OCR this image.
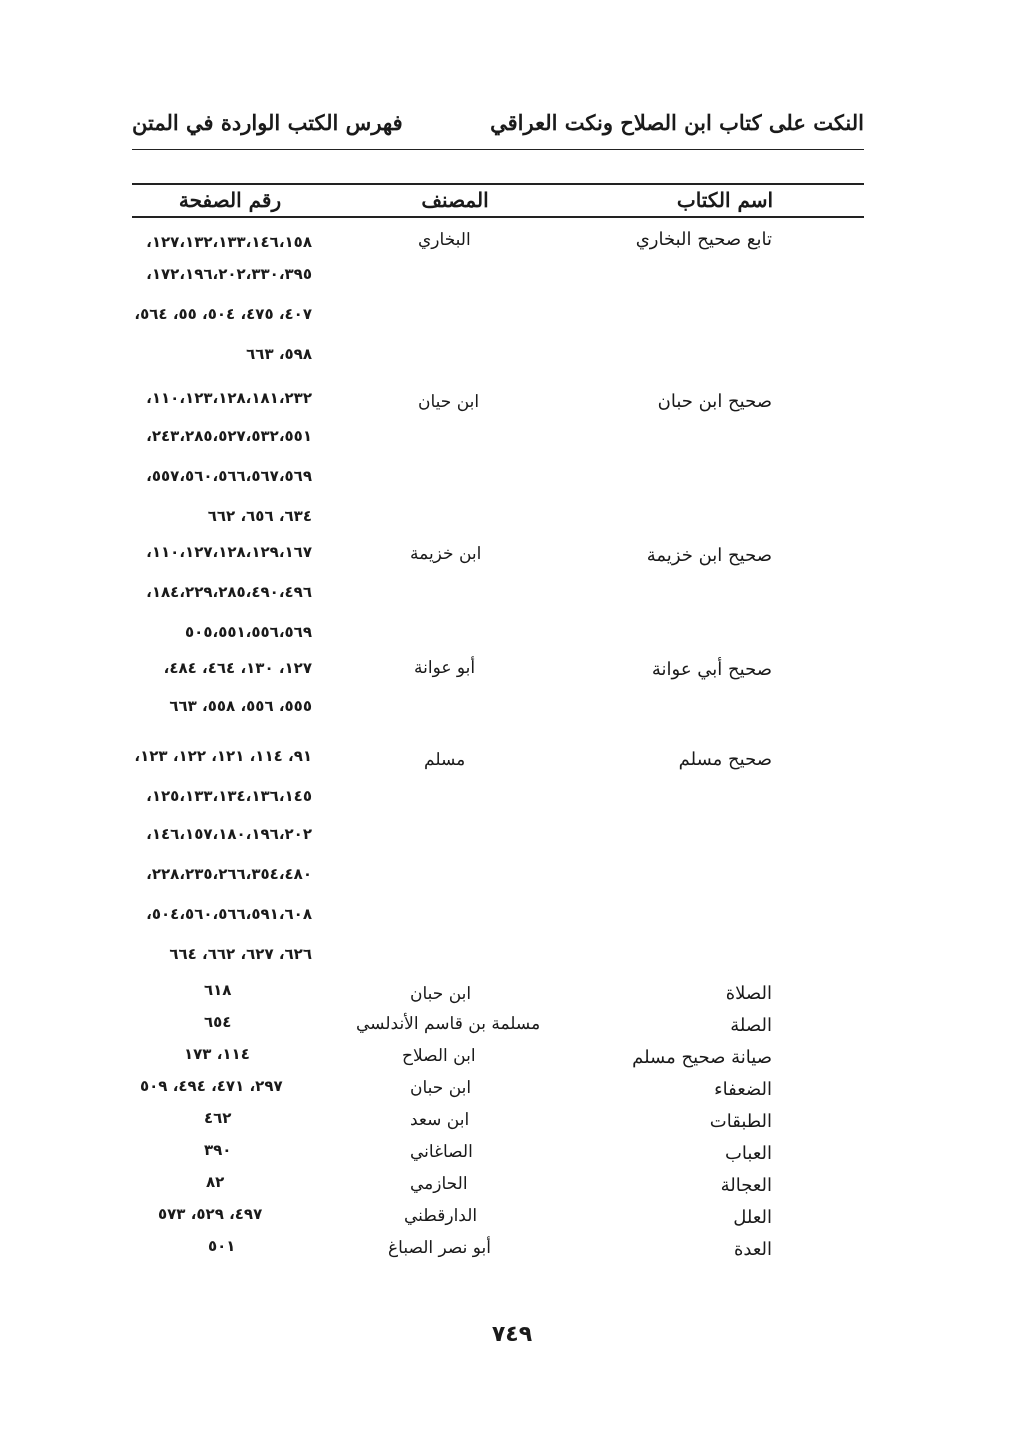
النكت على كتاب ابن الصلاح ونكت العراقي
فهرس الكتب الواردة في المتن
اسم الكتاب
المصنف
رقم الصفحة
تابع صحيح البخاري
البخاري
١٢٧،١٣٢،١٣٣،١٤٦،١٥٨،
١٧٢،١٩٦،٢٠٢،٣٣٠،٣٩٥،
٤٠٧، ٤٧٥، ٥٠٤، ٥٥، ٥٦٤،
٥٩٨، ٦٦٣
صحيح ابن حبان
ابن حيان
١١٠،١٢٣،١٢٨،١٨١،٢٣٢،
٢٤٣،٢٨٥،٥٢٧،٥٣٢،٥٥١،
٥٥٧،٥٦٠،٥٦٦،٥٦٧،٥٦٩،
٦٣٤، ٦٥٦، ٦٦٢
صحيح ابن خزيمة
ابن خزيمة
١١٠،١٢٧،١٢٨،١٢٩،١٦٧،
١٨٤،٢٢٩،٢٨٥،٤٩٠،٤٩٦،
٥٠٥،٥٥١،٥٥٦،٥٦٩
صحيح أبي عوانة
أبو عوانة
١٢٧، ١٣٠، ٤٦٤، ٤٨٤،
٥٥٥، ٥٥٦، ٥٥٨، ٦٦٣
صحيح مسلم
مسلم
٩١، ١١٤، ١٢١، ١٢٢، ١٢٣،
١٢٥،١٣٣،١٣٤،١٣٦،١٤٥،
١٤٦،١٥٧،١٨٠،١٩٦،٢٠٢،
٢٢٨،٢٣٥،٢٦٦،٣٥٤،٤٨٠،
٥٠٤،٥٦٠،٥٦٦،٥٩١،٦٠٨،
٦٢٦، ٦٢٧، ٦٦٢، ٦٦٤
الصلاة
ابن حبان
٦١٨
الصلة
مسلمة بن قاسم الأندلسي
٦٥٤
صيانة صحيح مسلم
ابن الصلاح
١١٤، ١٧٣
الضعفاء
ابن حبان
٢٩٧، ٤٧١، ٤٩٤، ٥٠٩
الطبقات
ابن سعد
٤٦٢
العباب
الصاغاني
٣٩٠
العجالة
الحازمي
٨٢
العلل
الدارقطني
٤٩٧، ٥٢٩، ٥٧٣
العدة
أبو نصر الصباغ
٥٠١
٧٤٩
